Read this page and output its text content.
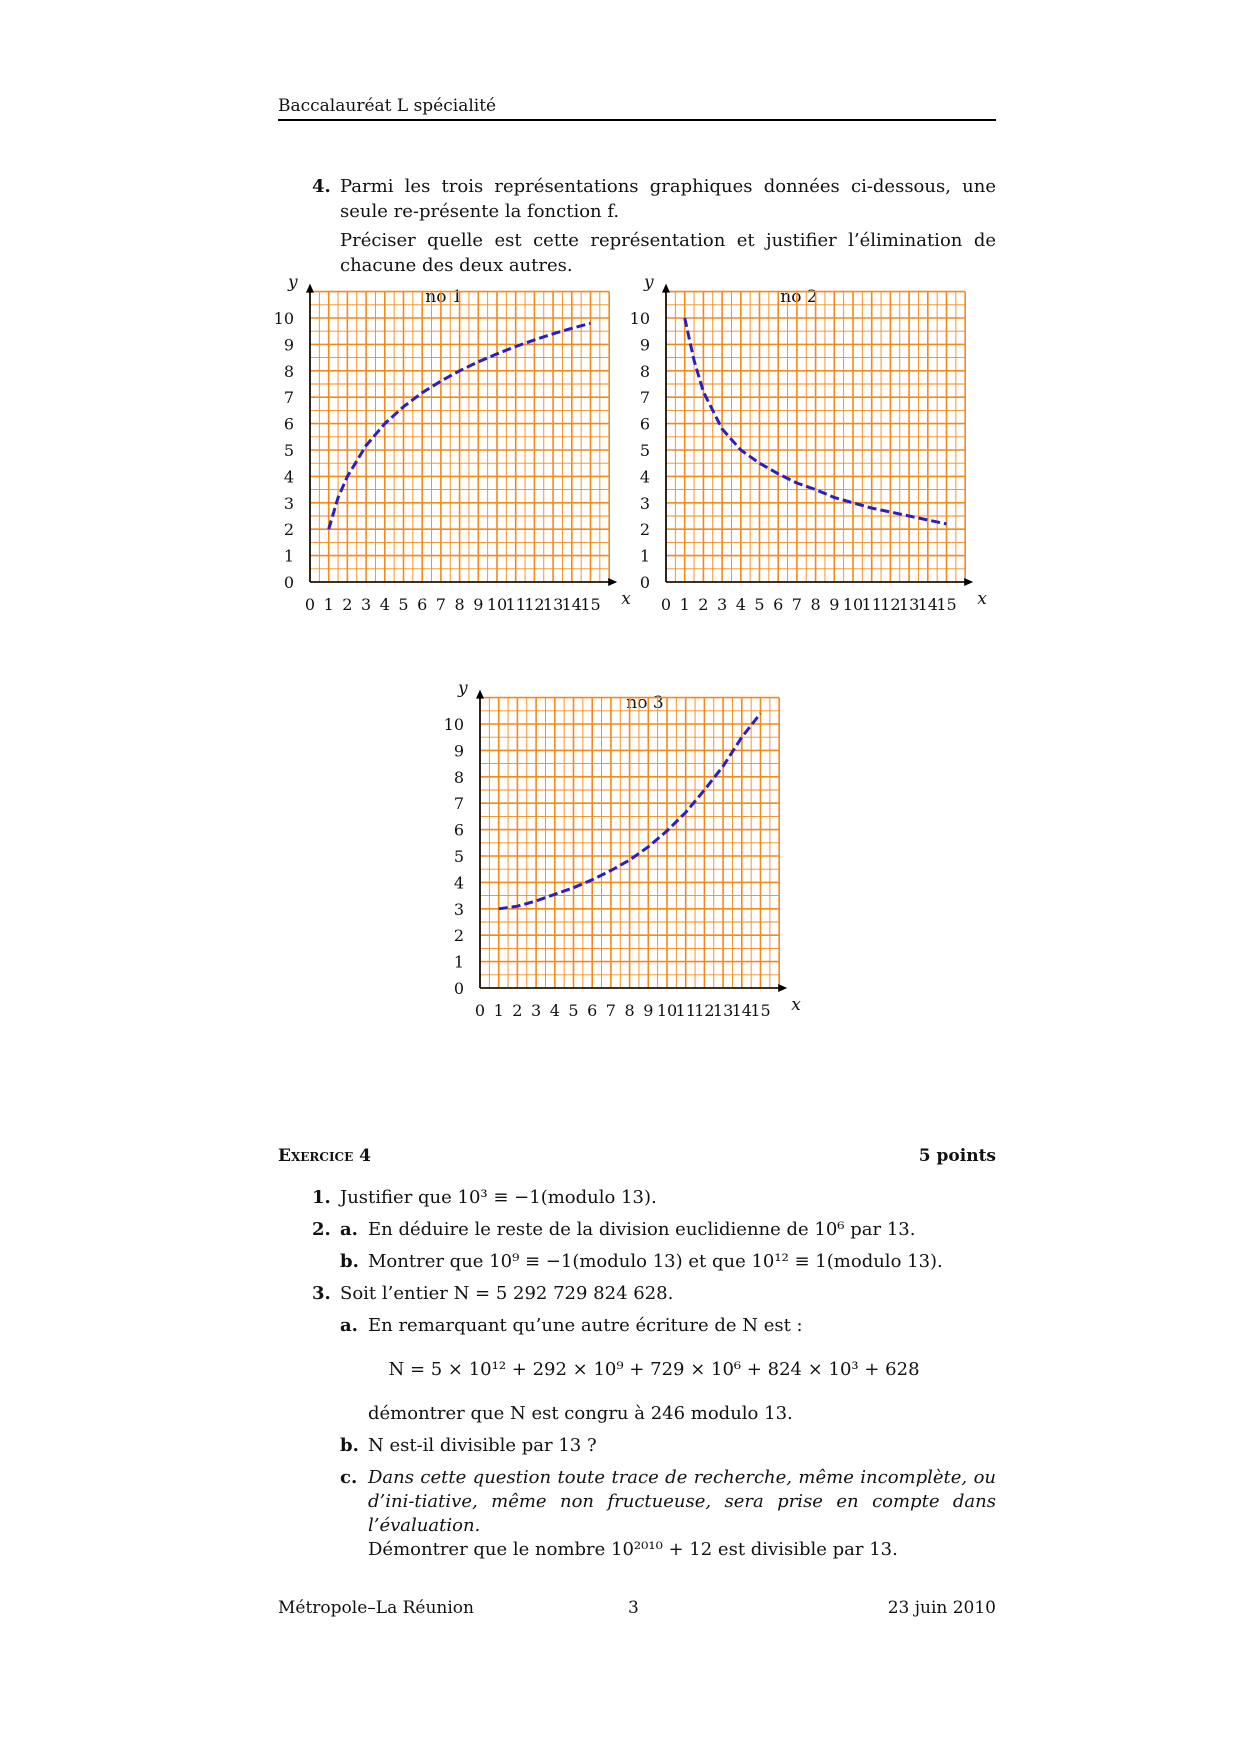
Baccalauréat L spécialité
4. Parmi les trois représentations graphiques données ci-dessous, une seule re-présente la fonction f.

Préciser quelle est cette représentation et justifier l’élimination de chacune des deux autres.

no 1	no 2
no 3
0 1 2 3 4 5 6 7 8 9 10
11
12
13
14
15
0
1
2
3
4
5
6
7
8
9
10
x
y
0 1 2 3 4 5 6 7 8 9 10
11
12
13
14
15
0
1
2
3
4
5
6
7
8
9
10
x
y
0 1 2 3 4 5 6 7 8 9 10
11
12
13
14
15
0
1
2
3
4
5
6
7
8
9
10
x
y
Exercice 4	5 points
1. Justifier que 10³ ≡ −1(modulo 13).
2. a. En déduire le reste de la division euclidienne de 10⁶ par 13.
b. Montrer que 10⁹ ≡ −1(modulo 13) et que 10¹² ≡ 1(modulo 13).
3. Soit l’entier N = 5 292 729 824 628.
a. En remarquant qu’une autre écriture de N est :
N = 5 × 10¹² + 292 × 10⁹ + 729 × 10⁶ + 824 × 10³ + 628
démontrer que N est congru à 246 modulo 13.
b. N est-il divisible par 13 ?
c. Dans cette question toute trace de recherche, même incomplète, ou d’ini-tiative, même non fructueuse, sera prise en compte dans l’évaluation.
Démontrer que le nombre 10²⁰¹⁰ + 12 est divisible par 13.
Métropole–La Réunion	3	23 juin 2010
